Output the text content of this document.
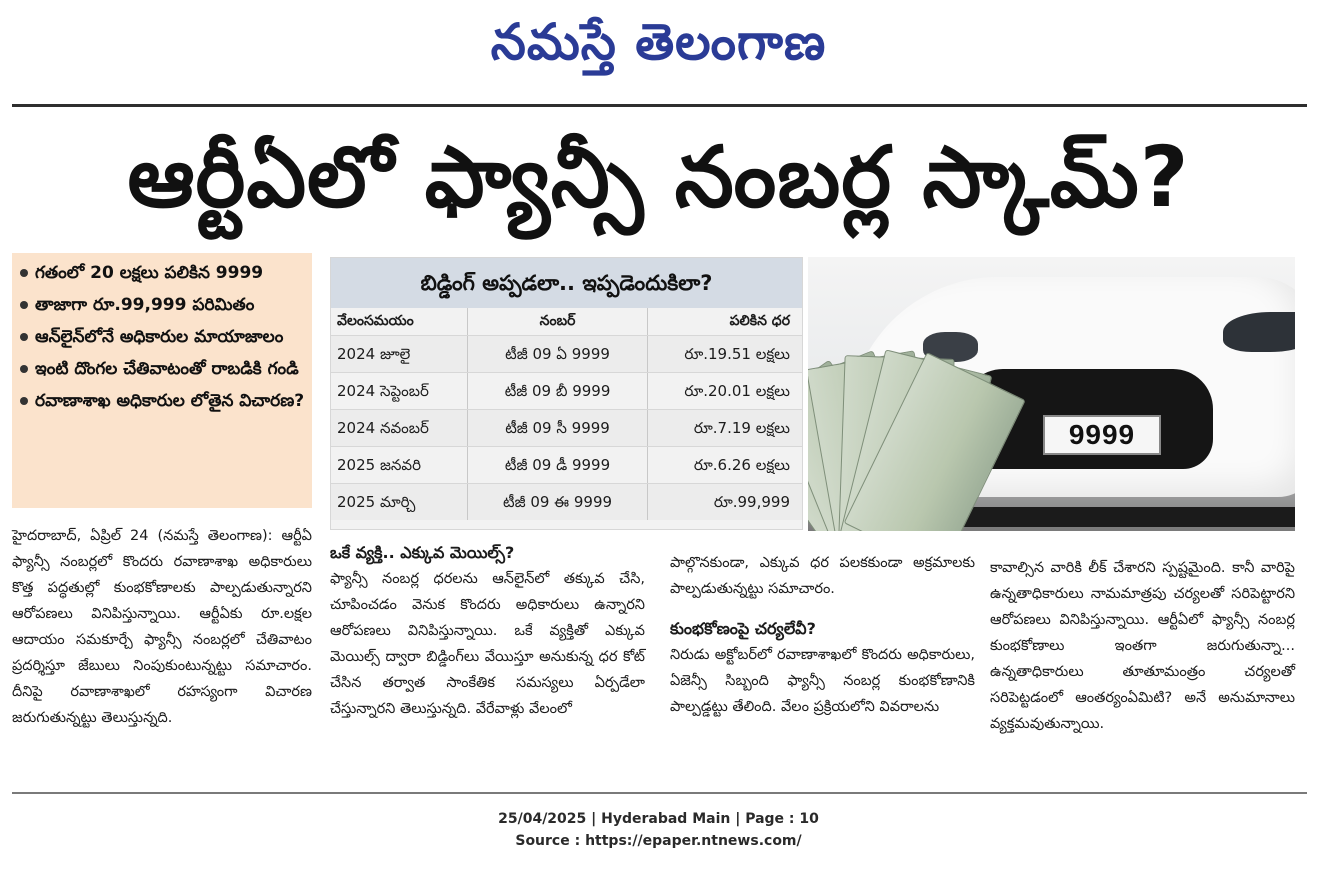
నమస్తే తెలంగాణ
ఆర్టీఏలో ఫ్యాన్సీ నంబర్ల స్కామ్?
గతంలో 20 లక్షలు పలికిన 9999
తాజాగా రూ.99,999 పరిమితం
ఆన్‌లైన్‌లోనే అధికారుల మాయాజాలం
ఇంటి దొంగల చేతివాటంతో రాబడికి గండి
రవాణాశాఖ అధికారుల లోతైన విచారణ?
బిడ్డింగ్ అప్పడలా.. ఇప్పడెందుకిలా?
వేలంసమయం	నంబర్	పలికిన ధర
2024 జూలై	టీజీ 09 ఏ 9999	రూ.19.51 లక్షలు
2024 సెప్టెంబర్	టీజీ 09 బీ 9999	రూ.20.01 లక్షలు
2024 నవంబర్	టీజీ 09 సీ 9999	రూ.7.19 లక్షలు
2025 జనవరి	టీజీ 09 డీ 9999	రూ.6.26 లక్షలు
2025 మార్చి	టీజీ 09 ఈ 9999	రూ.99,999
9999

హైదరాబాద్, ఏప్రిల్ 24 (నమస్తే తెలంగాణ): ఆర్టీఏ ఫ్యాన్సీ నంబర్లలో కొందరు రవాణాశాఖ అధికారులు కొత్త పద్ధతుల్లో కుంభకోణాలకు పాల్పడుతున్నారని ఆరోపణలు వినిపిస్తున్నాయి. ఆర్టీఏకు రూ.లక్షల ఆదాయం సమకూర్చే ఫ్యాన్సీ నంబర్లలో చేతివాటం ప్రదర్శిస్తూ జేబులు నింపుకుంటున్నట్టు సమాచారం. దీనిపై రవాణాశాఖలో రహస్యంగా విచారణ జరుగుతున్నట్టు తెలుస్తున్నది.

ఒకే వ్యక్తి.. ఎక్కువ మెయిల్స్?

ఫ్యాన్సీ నంబర్ల ధరలను ఆన్‌లైన్‌లో తక్కువ చేసి, చూపించడం వెనుక కొందరు అధికారులు ఉన్నారని ఆరోపణలు వినిపిస్తున్నాయి. ఒకే వ్యక్తితో ఎక్కువ మెయిల్స్ ద్వారా బిడ్డింగ్‌లు వేయిస్తూ అనుకున్న ధర కోట్ చేసిన తర్వాత సాంకేతిక సమస్యలు ఏర్పడేలా చేస్తున్నారని తెలుస్తున్నది. వేరేవాళ్లు వేలంలో

పాల్గొనకుండా, ఎక్కువ ధర పలకకుండా అక్రమాలకు పాల్పడుతున్నట్టు సమాచారం.

కుంభకోణంపై చర్యలేవీ?

నిరుడు అక్టోబర్‌లో రవాణాశాఖలో కొందరు అధికారులు, ఏజెన్సీ సిబ్బంది ఫ్యాన్సీ నంబర్ల కుంభకోణానికి పాల్పడ్డట్టు తేలింది. వేలం ప్రక్రియలోని వివరాలను

కావాల్సిన వారికి లీక్ చేశారని స్పష్టమైంది. కానీ వారిపై ఉన్నతాధికారులు నామమాత్రపు చర్యలతో సరిపెట్టారని ఆరోపణలు వినిపిస్తున్నాయి. ఆర్టీఏలో ఫ్యాన్సీ నంబర్ల కుంభకోణాలు ఇంతగా జరుగుతున్నా... ఉన్నతాధికారులు తూతూమంత్రం చర్యలతో సరిపెట్టడంలో ఆంతర్యంఏమిటి? అనే అనుమానాలు వ్యక్తమవుతున్నాయి.

25/04/2025 | Hyderabad Main | Page : 10
Source : https://epaper.ntnews.com/
